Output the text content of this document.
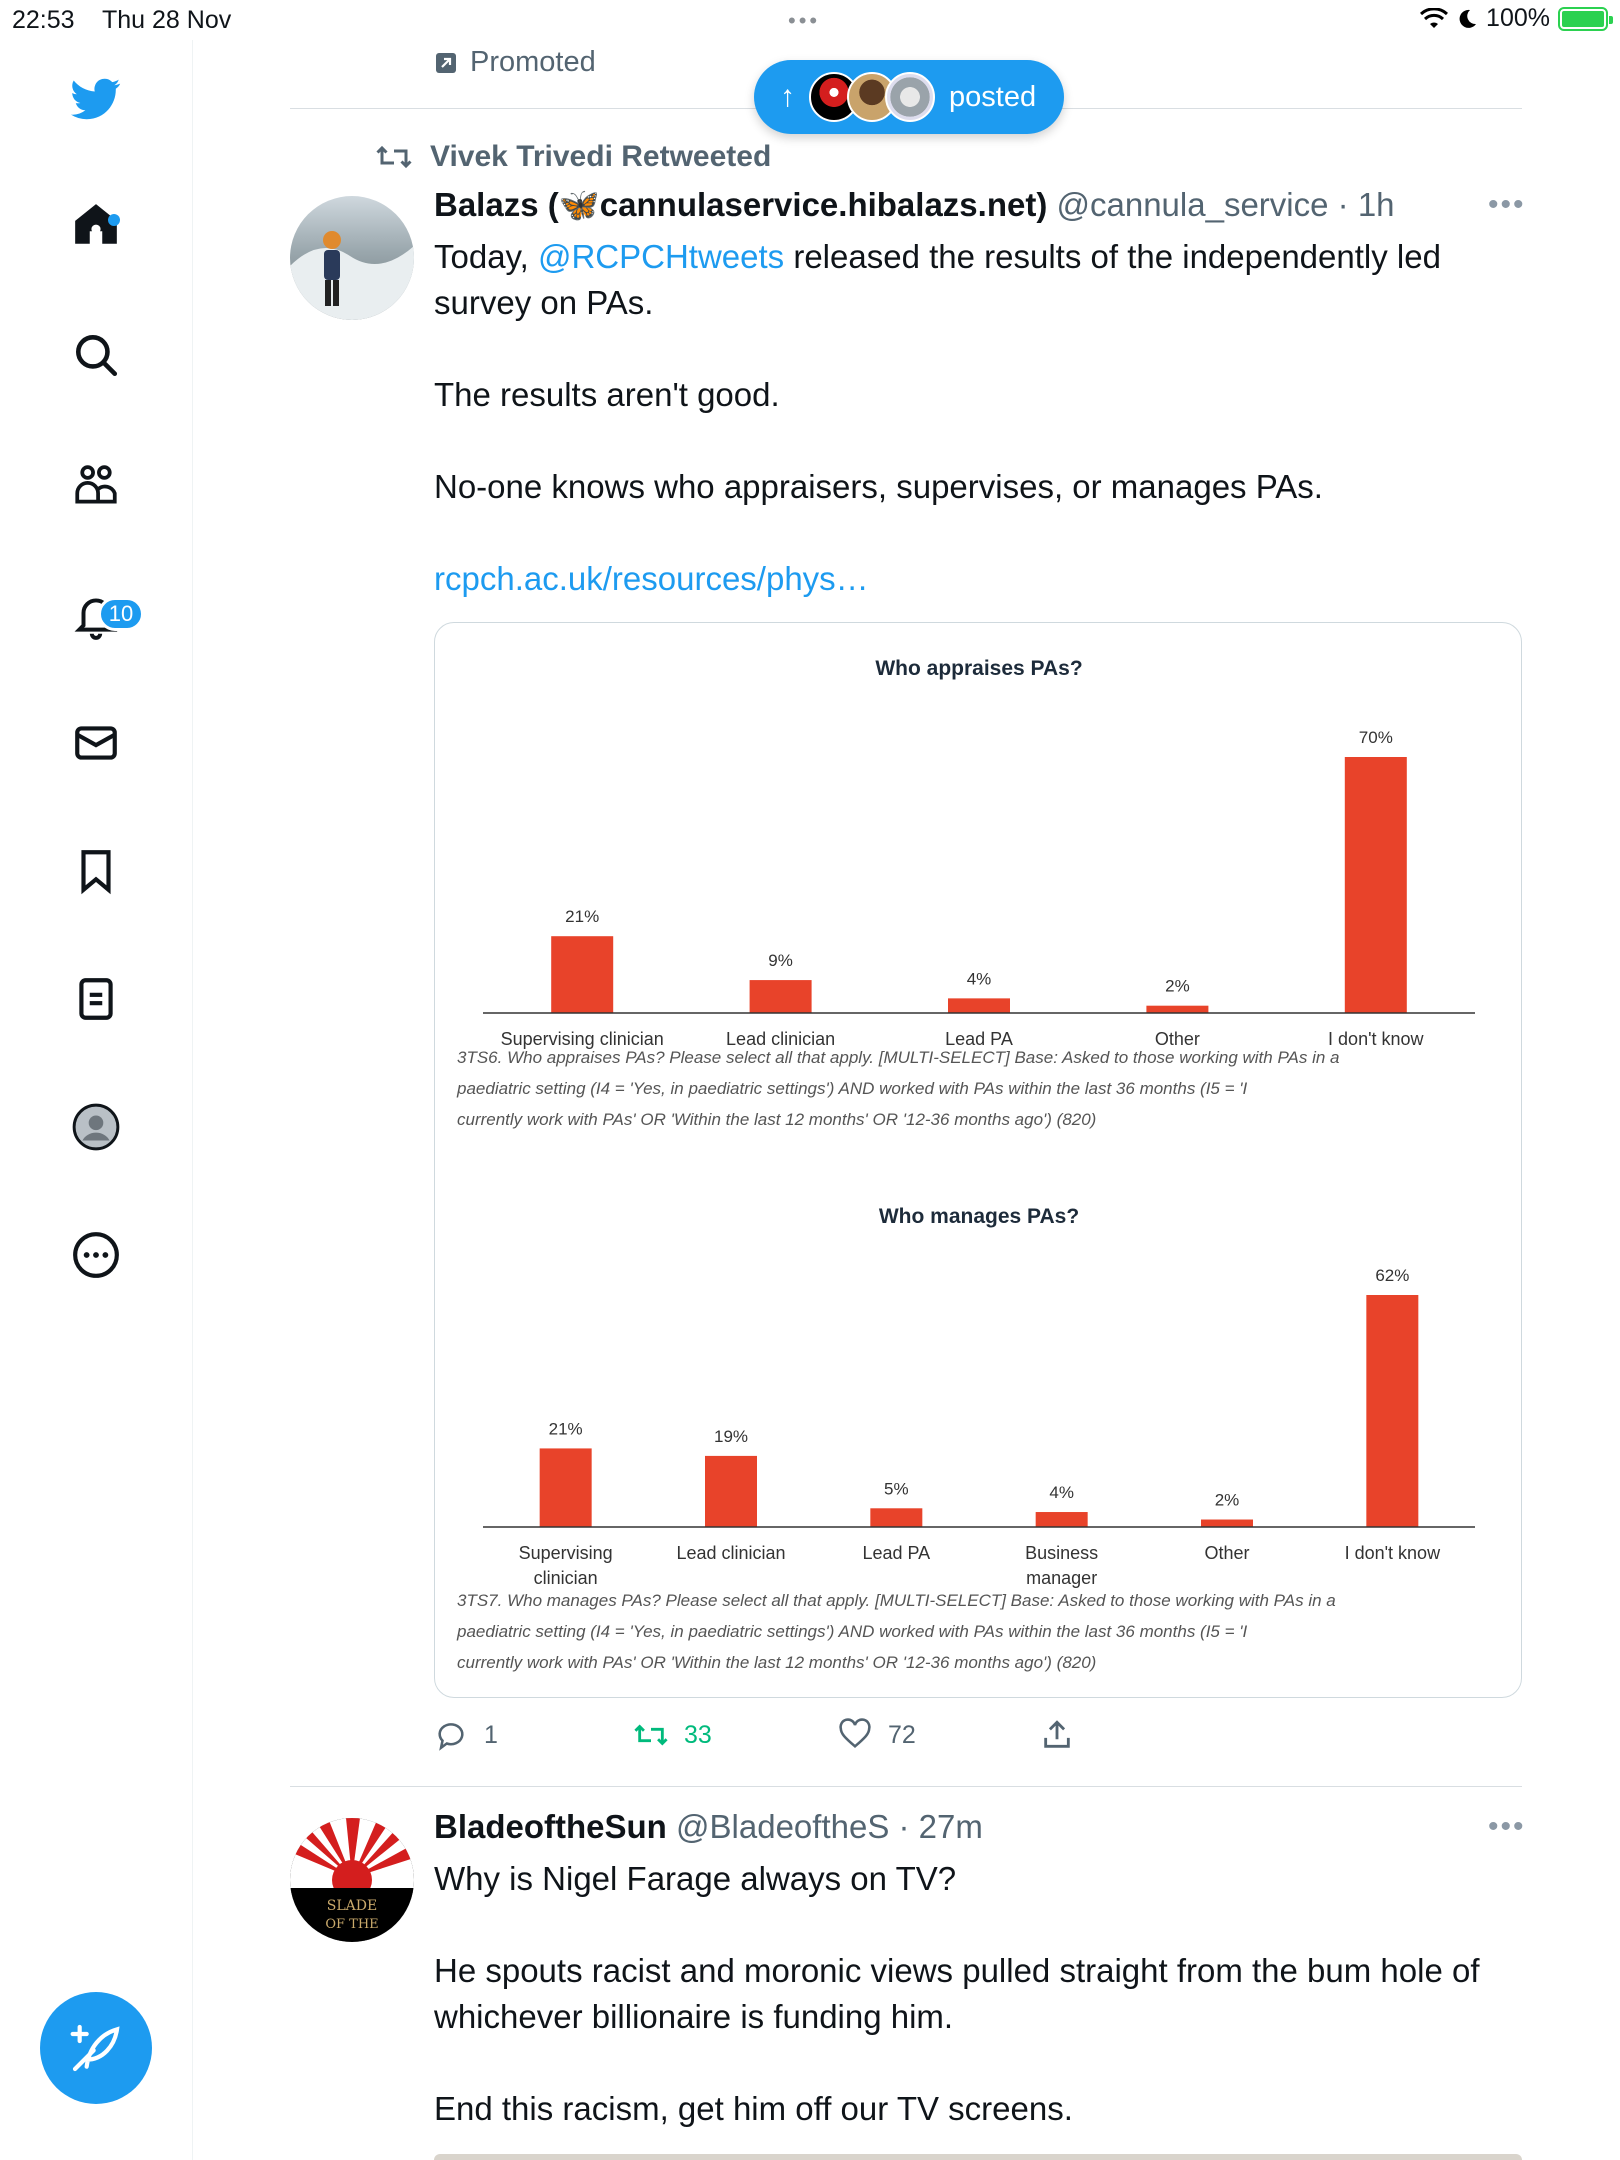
22:53 Thu 28 Nov	•••	100%
10
Promoted
↑	posted
Vivek Trivedi Retweeted
Balazs (🦋cannulaservice.hibalazs.net) @cannula_service · 1h	•••

Today, @RCPCHtweets released the results of the independently led survey on PAs.

The results aren't good.

No-one knows who appraisers, supervises, or manages PAs.

rcpch.ac.uk/resources/phys…

Who appraises PAs?
21%
Supervising clinician
9%
Lead clinician
4%
Lead PA
2%
Other
70%
I don't know
3TS6. Who appraises PAs? Please select all that apply. [MULTI-SELECT] Base: Asked to those working with PAs in a
paediatric setting (I4 = 'Yes, in paediatric settings') AND worked with PAs within the last 36 months (I5 = 'I
currently work with PAs' OR 'Within the last 12 months' OR '12-36 months ago') (820)
Who manages PAs?
21%
Supervising
clinician
19%
Lead clinician
5%
Lead PA
4%
Business
manager
2%
Other
62%
I don't know
3TS7. Who manages PAs? Please select all that apply. [MULTI-SELECT] Base: Asked to those working with PAs in a
paediatric setting (I4 = 'Yes, in paediatric settings') AND worked with PAs within the last 36 months (I5 = 'I
currently work with PAs' OR 'Within the last 12 months' OR '12-36 months ago') (820)
1	33	72
SLADE
OF THE
BladeoftheSun @BladeoftheS · 27m	•••

Why is Nigel Farage always on TV?

He spouts racist and moronic views pulled straight from the bum hole of whichever billionaire is funding him.

End this racism, get him off our TV screens.
